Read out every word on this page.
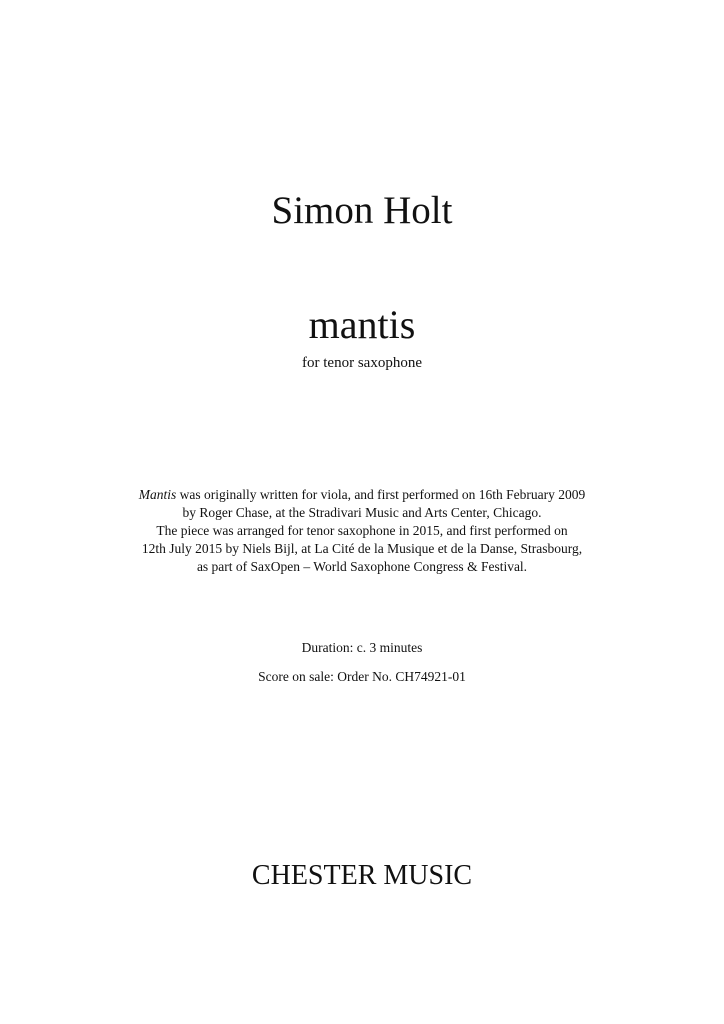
Simon Holt
mantis
for tenor saxophone
Mantis was originally written for viola, and first performed on 16th February 2009
by Roger Chase, at the Stradivari Music and Arts Center, Chicago.
The piece was arranged for tenor saxophone in 2015, and first performed on
12th July 2015 by Niels Bijl, at La Cité de la Musique et de la Danse, Strasbourg,
as part of SaxOpen – World Saxophone Congress & Festival.
Duration: c. 3 minutes
Score on sale: Order No. CH74921-01
CHESTER MUSIC
